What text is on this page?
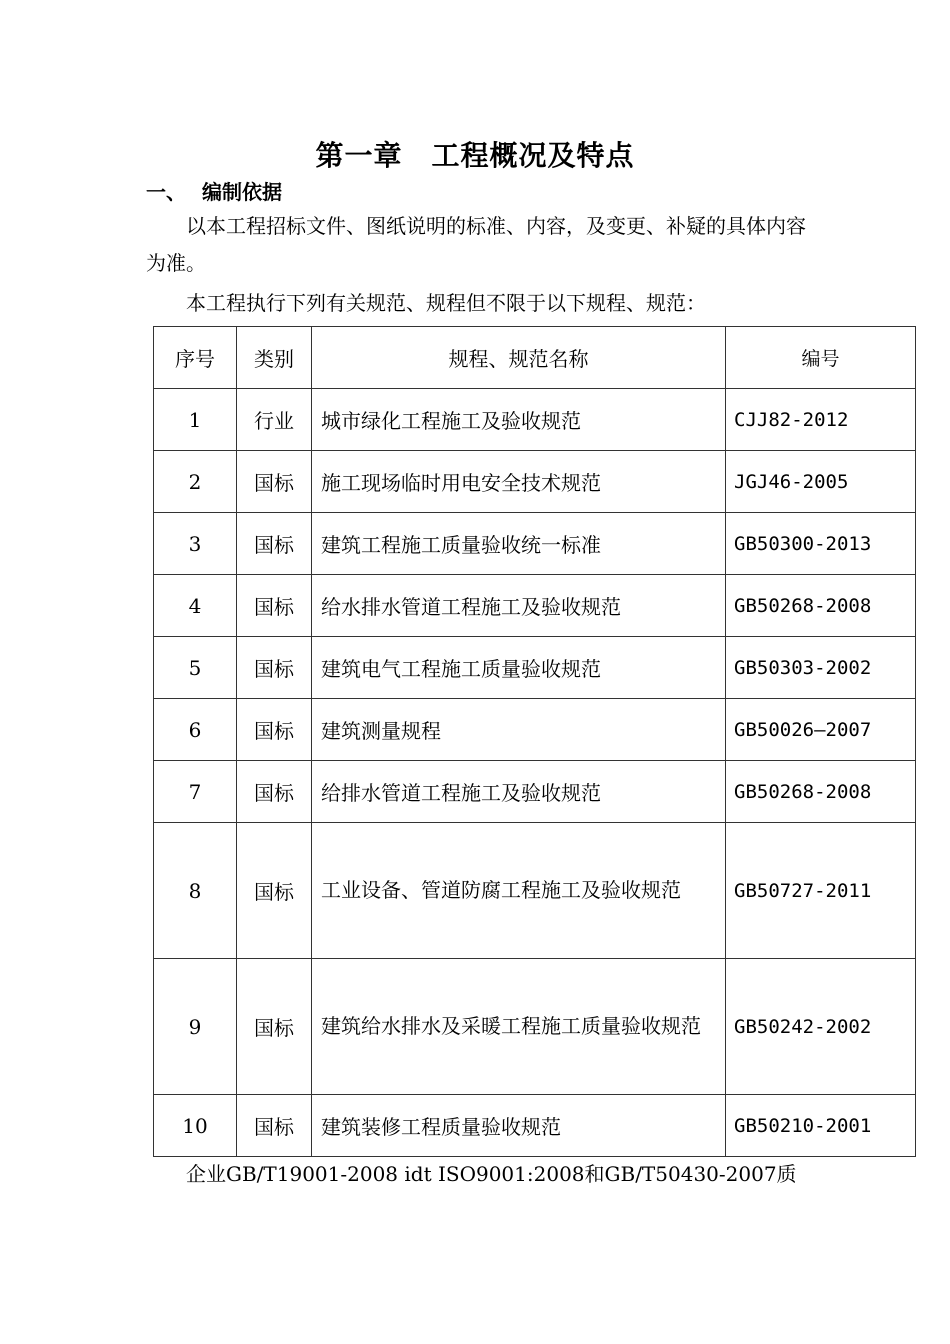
第一章　工程概况及特点
一、 编制依据

以本工程招标文件、图纸说明的标准、内容，及变更、补疑的具体内容为准。

本工程执行下列有关规范、规程但不限于以下规程、规范：

序号	类别	规程、规范名称	编号
1	行业	城市绿化工程施工及验收规范	CJJ82-2012
2	国标	施工现场临时用电安全技术规范	JGJ46-2005
3	国标	建筑工程施工质量验收统一标准	GB50300-2013
4	国标	给水排水管道工程施工及验收规范	GB50268-2008
5	国标	建筑电气工程施工质量验收规范	GB50303-2002
6	国标	建筑测量规程	GB50026—2007
7	国标	给排水管道工程施工及验收规范	GB50268-2008
8	国标	工业设备、管道防腐工程施工及验收规范	GB50727-2011
9	国标	建筑给水排水及采暖工程施工质量验收规范	GB50242-2002
10	国标	建筑装修工程质量验收规范	GB50210-2001

企业GB/T19001-2008 idt ISO9001:2008和GB/T50430-2007质
